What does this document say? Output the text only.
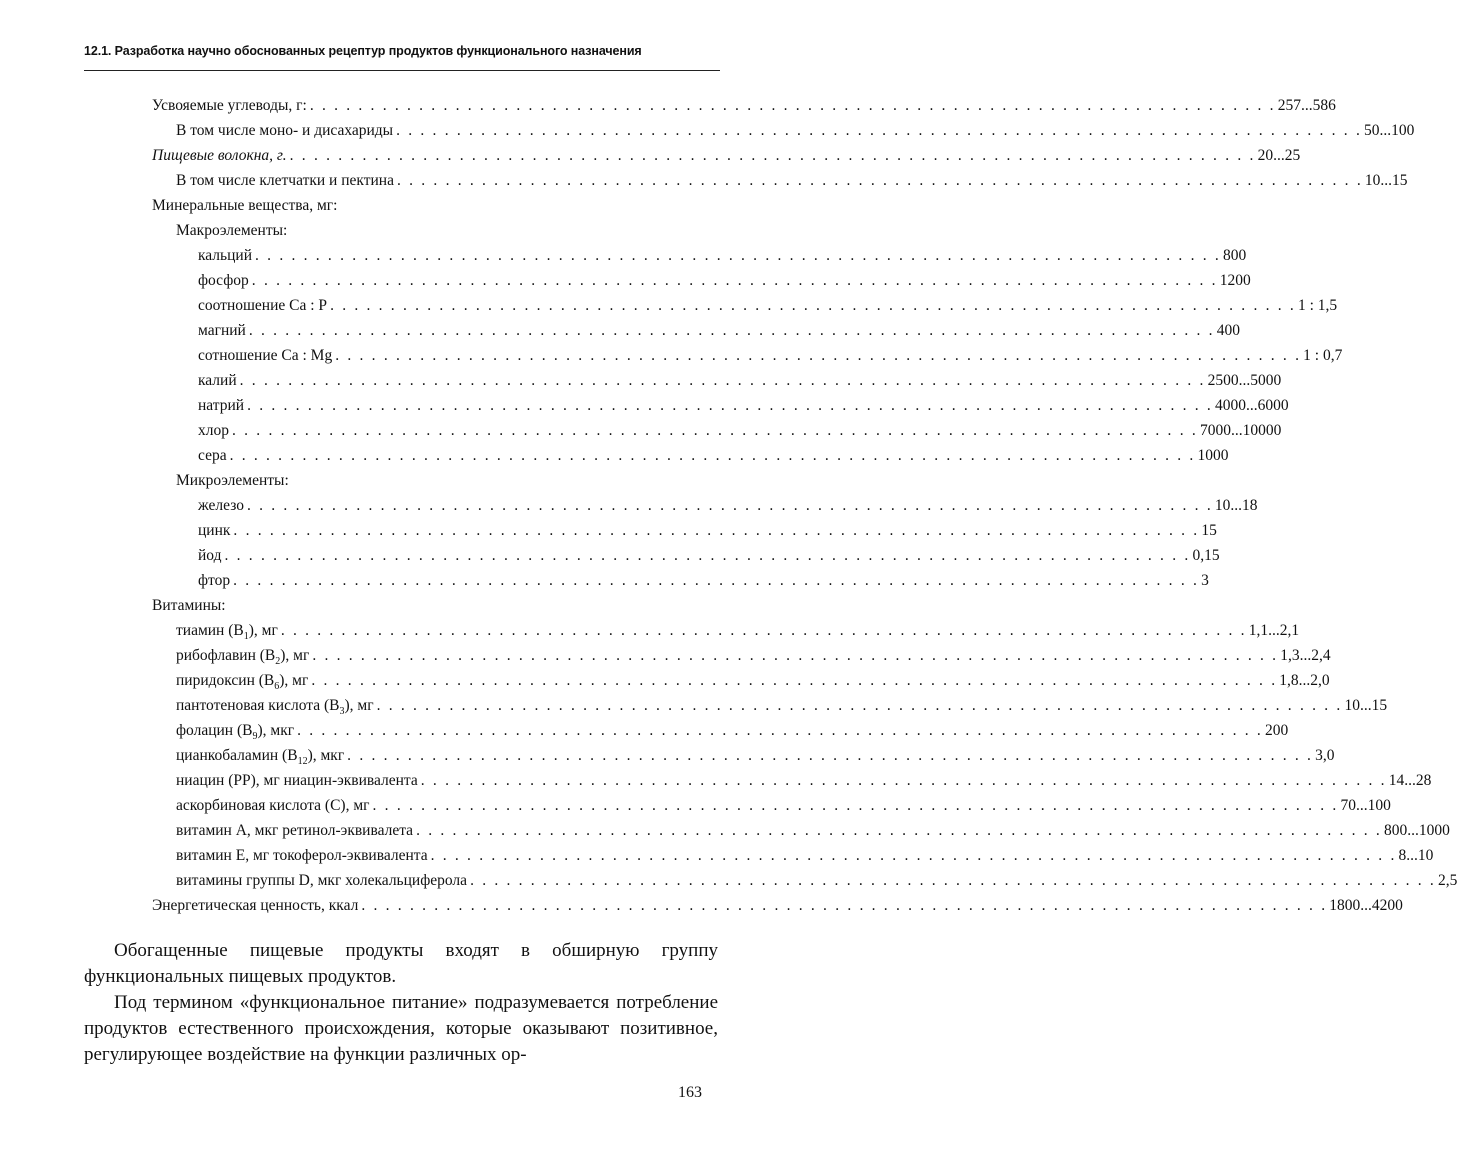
12.1. Разработка научно обоснованных рецептур продуктов функционального назначения
Усвояемые углеводы, г: . . . . . . . . . . . . . . . . . . . . . . . . . . . . . . . . . . . . . . . . . . . . . . . . . . . . . . . . . . . . . . . . . . . . . . . . . . . . . . . . 257...586
В том числе моно- и дисахариды . . . . . . . . . . . . . . . . . . . . . . . . . . . . . . . . . . . . . . . . . . . . . . . . . . . . . . . . . . . . . . . . . . . . . . . . . . . . . . . . 50...100
Пищевые волокна, г. . . . . . . . . . . . . . . . . . . . . . . . . . . . . . . . . . . . . . . . . . . . . . . . . . . . . . . . . . . . . . . . . . . . . . . . . . . . . . . . . 20...25
В том числе клетчатки и пектина . . . . . . . . . . . . . . . . . . . . . . . . . . . . . . . . . . . . . . . . . . . . . . . . . . . . . . . . . . . . . . . . . . . . . . . . . . . . . . . . 10...15
Минеральные вещества, мг:
Макроэлементы:
кальций . . . . . . . . . . . . . . . . . . . . . . . . . . . . . . . . . . . . . . . . . . . . . . . . . . . . . . . . . . . . . . . . . . . . . . . . . . . . . . . . 800
фосфор . . . . . . . . . . . . . . . . . . . . . . . . . . . . . . . . . . . . . . . . . . . . . . . . . . . . . . . . . . . . . . . . . . . . . . . . . . . . . . . . 1200
соотношение Ca : P . . . . . . . . . . . . . . . . . . . . . . . . . . . . . . . . . . . . . . . . . . . . . . . . . . . . . . . . . . . . . . . . . . . . . . . . . . . . . . . . 1 : 1,5
магний . . . . . . . . . . . . . . . . . . . . . . . . . . . . . . . . . . . . . . . . . . . . . . . . . . . . . . . . . . . . . . . . . . . . . . . . . . . . . . . . 400
сотношение Ca : Mg . . . . . . . . . . . . . . . . . . . . . . . . . . . . . . . . . . . . . . . . . . . . . . . . . . . . . . . . . . . . . . . . . . . . . . . . . . . . . . . . 1 : 0,7
калий . . . . . . . . . . . . . . . . . . . . . . . . . . . . . . . . . . . . . . . . . . . . . . . . . . . . . . . . . . . . . . . . . . . . . . . . . . . . . . . . 2500...5000
натрий . . . . . . . . . . . . . . . . . . . . . . . . . . . . . . . . . . . . . . . . . . . . . . . . . . . . . . . . . . . . . . . . . . . . . . . . . . . . . . . . 4000...6000
хлор . . . . . . . . . . . . . . . . . . . . . . . . . . . . . . . . . . . . . . . . . . . . . . . . . . . . . . . . . . . . . . . . . . . . . . . . . . . . . . . . 7000...10000
сера . . . . . . . . . . . . . . . . . . . . . . . . . . . . . . . . . . . . . . . . . . . . . . . . . . . . . . . . . . . . . . . . . . . . . . . . . . . . . . . . 1000
Микроэлементы:
железо . . . . . . . . . . . . . . . . . . . . . . . . . . . . . . . . . . . . . . . . . . . . . . . . . . . . . . . . . . . . . . . . . . . . . . . . . . . . . . . . 10...18
цинк . . . . . . . . . . . . . . . . . . . . . . . . . . . . . . . . . . . . . . . . . . . . . . . . . . . . . . . . . . . . . . . . . . . . . . . . . . . . . . . . 15
йод . . . . . . . . . . . . . . . . . . . . . . . . . . . . . . . . . . . . . . . . . . . . . . . . . . . . . . . . . . . . . . . . . . . . . . . . . . . . . . . . 0,15
фтор . . . . . . . . . . . . . . . . . . . . . . . . . . . . . . . . . . . . . . . . . . . . . . . . . . . . . . . . . . . . . . . . . . . . . . . . . . . . . . . . 3
Витамины:
тиамин $(B_1)$, мг . . . . . . . . . . . . . . . . . . . . . . . . . . . . . . . . . . . . . . . . . . . . . . . . . . . . . . . . . . . . . . . . . . . . . . . . . . . . . . . . 1,1...2,1
рибофлавин $(B_2)$, мг . . . . . . . . . . . . . . . . . . . . . . . . . . . . . . . . . . . . . . . . . . . . . . . . . . . . . . . . . . . . . . . . . . . . . . . . . . . . . . . . 1,3...2,4
пиридоксин $(B_6)$, мг . . . . . . . . . . . . . . . . . . . . . . . . . . . . . . . . . . . . . . . . . . . . . . . . . . . . . . . . . . . . . . . . . . . . . . . . . . . . . . . . 1,8...2,0
пантотеновая кислота $(B_3)$, мг . . . . . . . . . . . . . . . . . . . . . . . . . . . . . . . . . . . . . . . . . . . . . . . . . . . . . . . . . . . . . . . . . . . . . . . . . . . . . . . . 10...15
фолацин $(B_9)$, мкг . . . . . . . . . . . . . . . . . . . . . . . . . . . . . . . . . . . . . . . . . . . . . . . . . . . . . . . . . . . . . . . . . . . . . . . . . . . . . . . . 200
цианкобаламин $(B_{12})$, мкг . . . . . . . . . . . . . . . . . . . . . . . . . . . . . . . . . . . . . . . . . . . . . . . . . . . . . . . . . . . . . . . . . . . . . . . . . . . . . . . . 3,0
ниацин (PP), мг ниацин-эквивалента . . . . . . . . . . . . . . . . . . . . . . . . . . . . . . . . . . . . . . . . . . . . . . . . . . . . . . . . . . . . . . . . . . . . . . . . . . . . . . . . 14...28
аскорбиновая кислота (C), мг . . . . . . . . . . . . . . . . . . . . . . . . . . . . . . . . . . . . . . . . . . . . . . . . . . . . . . . . . . . . . . . . . . . . . . . . . . . . . . . . 70...100
витамин A, мкг ретинол-эквивалета . . . . . . . . . . . . . . . . . . . . . . . . . . . . . . . . . . . . . . . . . . . . . . . . . . . . . . . . . . . . . . . . . . . . . . . . . . . . . . . . 800...1000
витамин E, мг токоферол-эквивалента . . . . . . . . . . . . . . . . . . . . . . . . . . . . . . . . . . . . . . . . . . . . . . . . . . . . . . . . . . . . . . . . . . . . . . . . . . . . . . . . 8...10
витамины группы D, мкг холекальциферола . . . . . . . . . . . . . . . . . . . . . . . . . . . . . . . . . . . . . . . . . . . . . . . . . . . . . . . . . . . . . . . . . . . . . . . . . . . . . . . . 2,5
Энергетическая ценность, ккал . . . . . . . . . . . . . . . . . . . . . . . . . . . . . . . . . . . . . . . . . . . . . . . . . . . . . . . . . . . . . . . . . . . . . . . . . . . . . . . . 1800...4200
Обогащенные пищевые продукты входят в обширную группу функциональных пищевых продуктов.
Под термином «функциональное питание» подразумевается потребление продуктов естественного происхождения, которые оказывают позитивное, регулирующее воздействие на функции различных ор-
163
